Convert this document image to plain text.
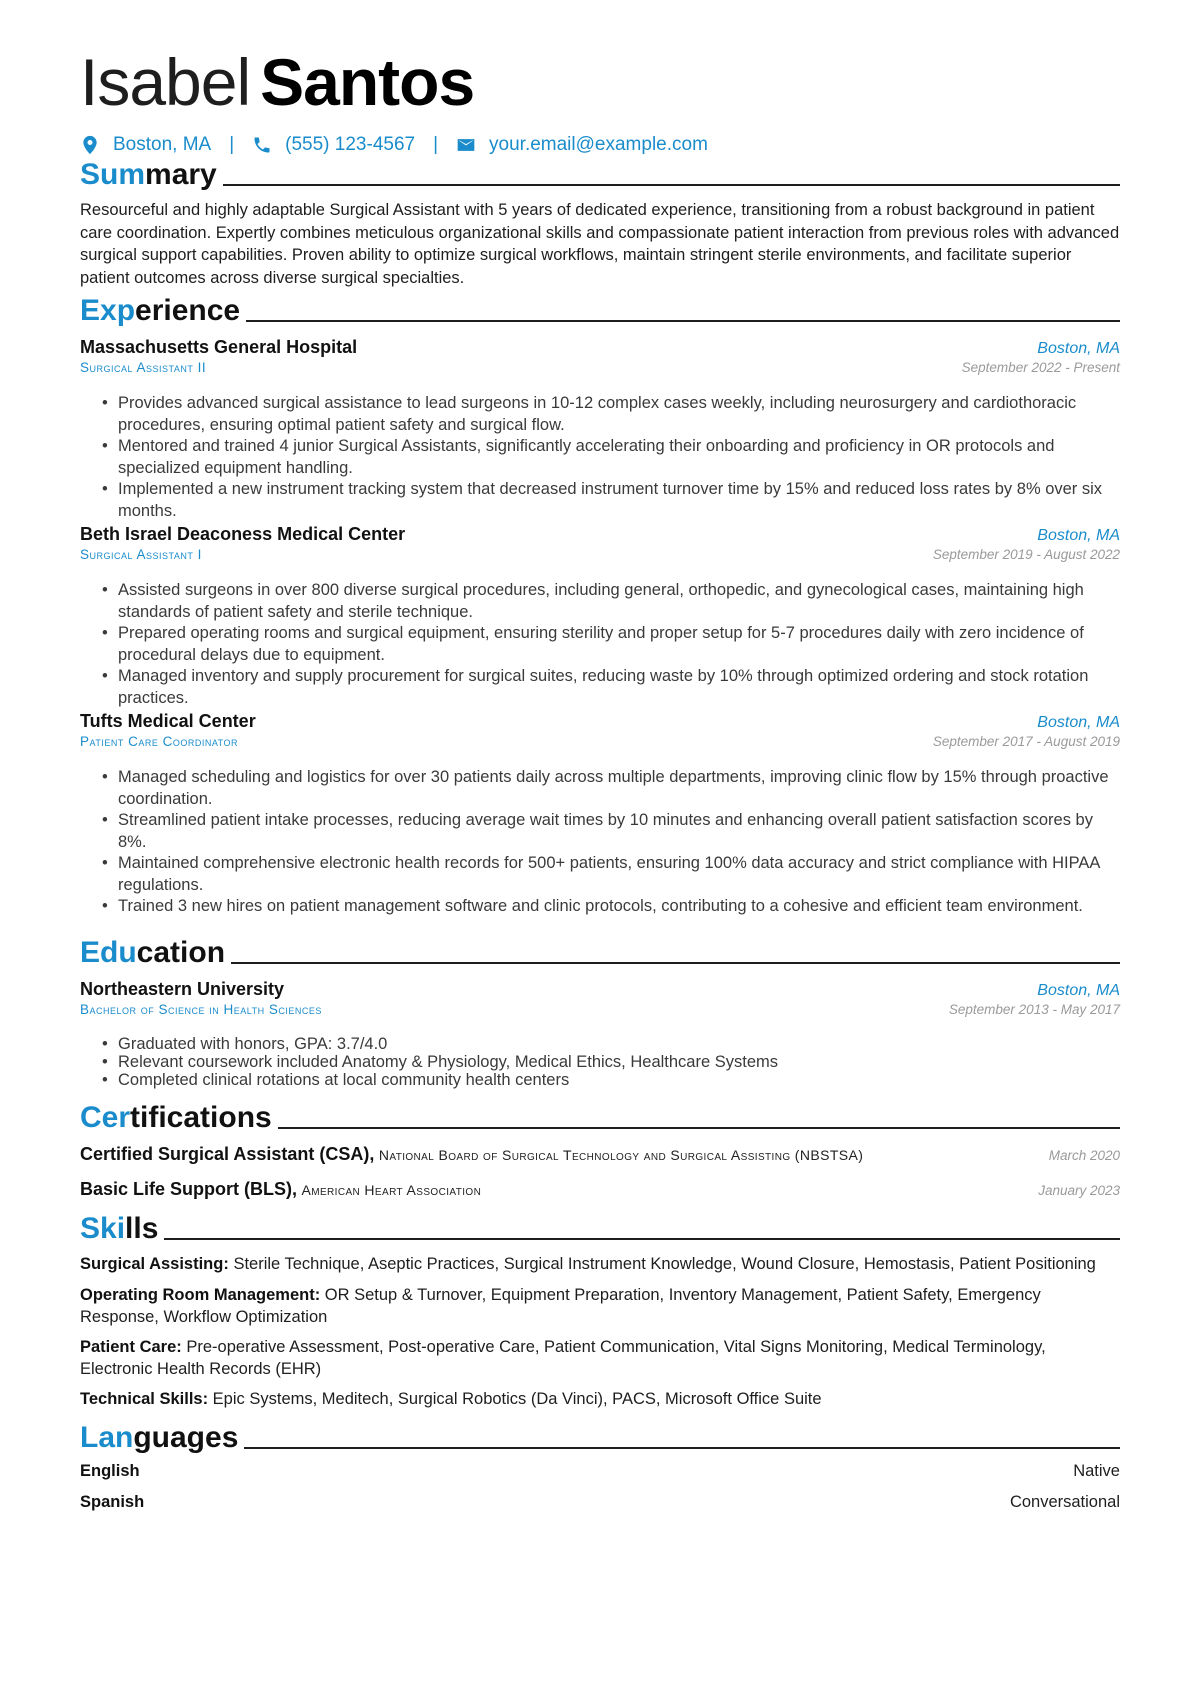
Isabel Santos
Boston, MA |	(555) 123-4567 |	your.email@example.com
Summary
Resourceful and highly adaptable Surgical Assistant with 5 years of dedicated experience, transitioning from a robust background in patient care coordination. Expertly combines meticulous organizational skills and compassionate patient interaction from previous roles with advanced surgical support capabilities. Proven ability to optimize surgical workflows, maintain stringent sterile environments, and facilitate superior patient outcomes across diverse surgical specialties.
Experience
Massachusetts General Hospital	Boston, MA
Surgical Assistant II	September 2022 - Present
• Provides advanced surgical assistance to lead surgeons in 10-12 complex cases weekly, including neurosurgery and cardiothoracic procedures, ensuring optimal patient safety and surgical flow.
• Mentored and trained 4 junior Surgical Assistants, significantly accelerating their onboarding and proficiency in OR protocols and specialized equipment handling.
• Implemented a new instrument tracking system that decreased instrument turnover time by 15% and reduced loss rates by 8% over six months.
Beth Israel Deaconess Medical Center	Boston, MA
Surgical Assistant I	September 2019 - August 2022
• Assisted surgeons in over 800 diverse surgical procedures, including general, orthopedic, and gynecological cases, maintaining high standards of patient safety and sterile technique.
• Prepared operating rooms and surgical equipment, ensuring sterility and proper setup for 5-7 procedures daily with zero incidence of procedural delays due to equipment.
• Managed inventory and supply procurement for surgical suites, reducing waste by 10% through optimized ordering and stock rotation practices.
Tufts Medical Center	Boston, MA
Patient Care Coordinator	September 2017 - August 2019
• Managed scheduling and logistics for over 30 patients daily across multiple departments, improving clinic flow by 15% through proactive coordination.
• Streamlined patient intake processes, reducing average wait times by 10 minutes and enhancing overall patient satisfaction scores by 8%.
• Maintained comprehensive electronic health records for 500+ patients, ensuring 100% data accuracy and strict compliance with HIPAA regulations.
• Trained 3 new hires on patient management software and clinic protocols, contributing to a cohesive and efficient team environment.
Education
Northeastern University	Boston, MA
Bachelor of Science in Health Sciences	September 2013 - May 2017
• Graduated with honors, GPA: 3.7/4.0
• Relevant coursework included Anatomy & Physiology, Medical Ethics, Healthcare Systems
• Completed clinical rotations at local community health centers
Certifications
Certified Surgical Assistant (CSA), National Board of Surgical Technology and Surgical Assisting (NBSTSA)	March 2020
Basic Life Support (BLS), American Heart Association	January 2023
Skills
Surgical Assisting: Sterile Technique, Aseptic Practices, Surgical Instrument Knowledge, Wound Closure, Hemostasis, Patient Positioning
Operating Room Management: OR Setup & Turnover, Equipment Preparation, Inventory Management, Patient Safety, Emergency Response, Workflow Optimization
Patient Care: Pre-operative Assessment, Post-operative Care, Patient Communication, Vital Signs Monitoring, Medical Terminology, Electronic Health Records (EHR)
Technical Skills: Epic Systems, Meditech, Surgical Robotics (Da Vinci), PACS, Microsoft Office Suite
Languages
English	Native
Spanish	Conversational
